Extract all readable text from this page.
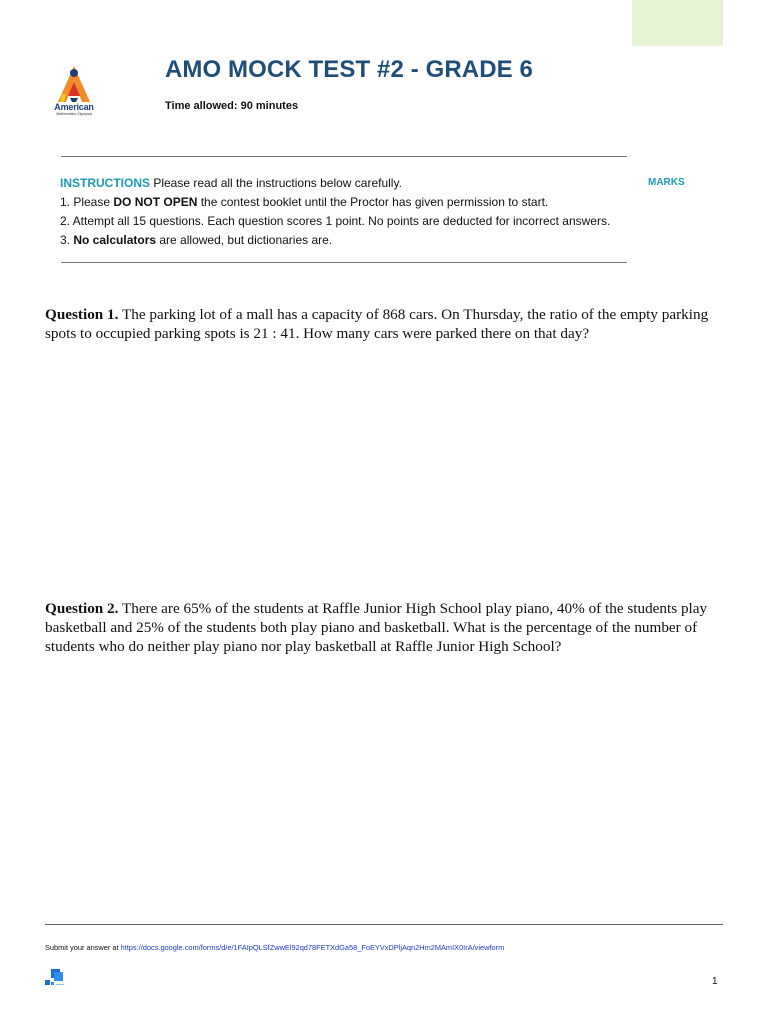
American
Mathematics Olympiad
AMO MOCK TEST #2 - GRADE 6
Time allowed: 90 minutes

INSTRUCTIONS Please read all the instructions below carefully.

1. Please DO NOT OPEN the contest booklet until the Proctor has given permission to start.

2. Attempt all 15 questions. Each question scores 1 point. No points are deducted for incorrect answers.

3. No calculators are allowed, but dictionaries are.

MARKS

Question 1. The parking lot of a mall has a capacity of 868 cars. On Thursday, the ratio of the empty parking spots to occupied parking spots is 21 : 41. How many cars were parked there on that day?

Question 2. There are 65% of the students at Raffle Junior High School play piano, 40% of the students play basketball and 25% of the students both play piano and basketball. What is the percentage of the number of students who do neither play piano nor play basketball at Raffle Junior High School?

Submit your answer at https://docs.google.com/forms/d/e/1FAIpQLSfZwwEl92qd78FETXdGa58_FoEYVxDPljAqn2Hm2MAmIX0IrA/viewform
1
